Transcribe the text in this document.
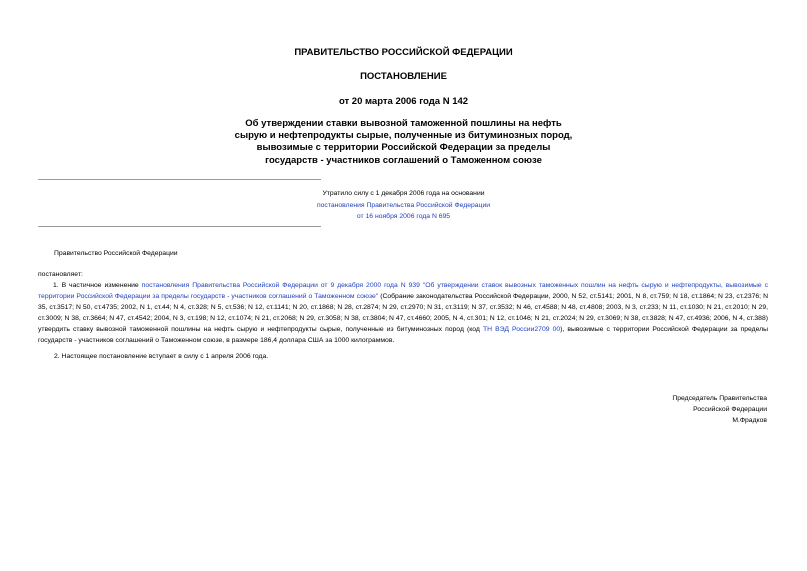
ПРАВИТЕЛЬСТВО РОССИЙСКОЙ ФЕДЕРАЦИИ
ПОСТАНОВЛЕНИЕ
от 20 марта 2006 года N 142
Об утверждении ставки вывозной таможенной пошлины на нефть
сырую и нефтепродукты сырые, полученные из битуминозных пород,
вывозимые с территории Российской Федерации за пределы
государств - участников соглашений о Таможенном союзе
Утратило силу с 1 декабря 2006 года на основании
постановления Правительства Российской Федерации
от 16 ноября 2006 года N 695
Правительство Российской Федерации
постановляет:
1. В частичное изменение постановления Правительства Российской Федерации от 9 декабря 2000 года N 939 "Об утверждении ставок вывозных таможенных пошлин на нефть сырую и нефтепродукты, вывозимые с территории Российской Федерации за пределы государств - участников соглашений о Таможенном союзе" (Собрание законодательства Российской Федерации, 2000, N 52, ст.5141; 2001, N 8, ст.759; N 18, ст.1864; N 23, ст.2376; N 35, ст.3517; N 50, ст.4735; 2002, N 1, ст.44; N 4, ст.328; N 5, ст.536; N 12, ст.1141; N 20, ст.1868; N 28, ст.2874; N 29, ст.2970; N 31, ст.3119; N 37, ст.3532; N 46, ст.4588; N 48, ст.4808; 2003, N 3, ст.233; N 11, ст.1030; N 21, ст.2010; N 29, ст.3009; N 38, ст.3664; N 47, ст.4542; 2004, N 3, ст.198; N 12, ст.1074; N 21, ст.2068; N 29, ст.3058; N 38, ст.3804; N 47, ст.4660; 2005, N 4, ст.301; N 12, ст.1046; N 21, ст.2024; N 29, ст.3069; N 38, ст.3828; N 47, ст.4936; 2006, N 4, ст.388) утвердить ставку вывозной таможенной пошлины на нефть сырую и нефтепродукты сырые, полученные из битуминозных пород (код ТН ВЭД России2709 00), вывозимые с территории Российской Федерации за пределы государств - участников соглашений о Таможенном союзе, в размере 186,4 доллара США за 1000 килограммов.
2. Настоящее постановление вступает в силу с 1 апреля 2006 года.
Председатель Правительства
Российской Федерации
М.Фрадков
